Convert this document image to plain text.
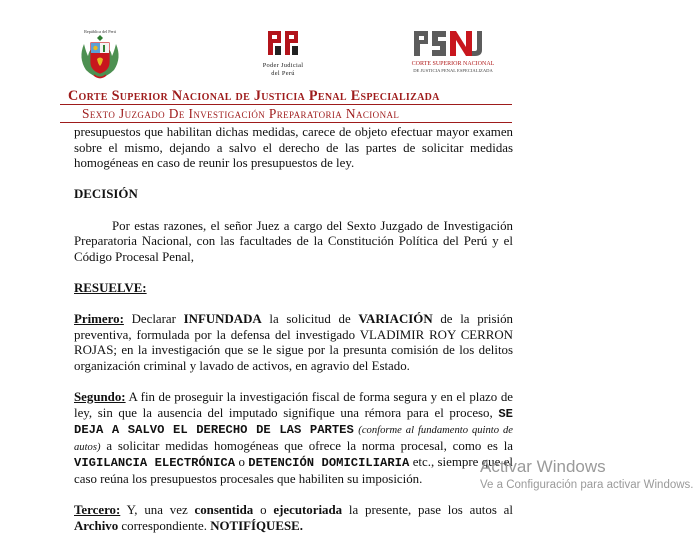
República del Perú
Poder Judicial
del Perú
CORTE SUPERIOR NACIONAL
DE JUSTICIA PENAL ESPECIALIZADA
Corte Superior Nacional de Justicia Penal Especializada
Sexto Juzgado De Investigación Preparatoria Nacional

presupuestos que habilitan dichas medidas, carece de objeto efectuar mayor examen sobre el mismo, dejando a salvo el derecho de las partes de solicitar medidas homogéneas en caso de reunir los presupuestos de ley.

DECISIÓN

Por estas razones, el señor Juez a cargo del Sexto Juzgado de Investigación Preparatoria Nacional, con las facultades de la Constitución Política del Perú y el Código Procesal Penal,

RESUELVE:

Primero: Declarar INFUNDADA la solicitud de VARIACIÓN de la prisión preventiva, formulada por la defensa del investigado VLADIMIR ROY CERRON ROJAS; en la investigación que se le sigue por la presunta comisión de los delitos organización criminal y lavado de activos, en agravio del Estado.

Segundo: A fin de proseguir la investigación fiscal de forma segura y en el plazo de ley, sin que la ausencia del imputado signifique una rémora para el proceso, SE DEJA A SALVO EL DERECHO DE LAS PARTES (conforme al fundamento quinto de autos) a solicitar medidas homogéneas que ofrece la norma procesal, como es la VIGILANCIA ELECTRÓNICA o DETENCIÓN DOMICILIARIA etc., siempre que el caso reúna los presupuestos procesales que habiliten su imposición.

Tercero: Y, una vez consentida o ejecutoriada la presente, pase los autos al Archivo correspondiente. NOTIFÍQUESE.

Activar Windows
Ve a Configuración para activar Windows.
